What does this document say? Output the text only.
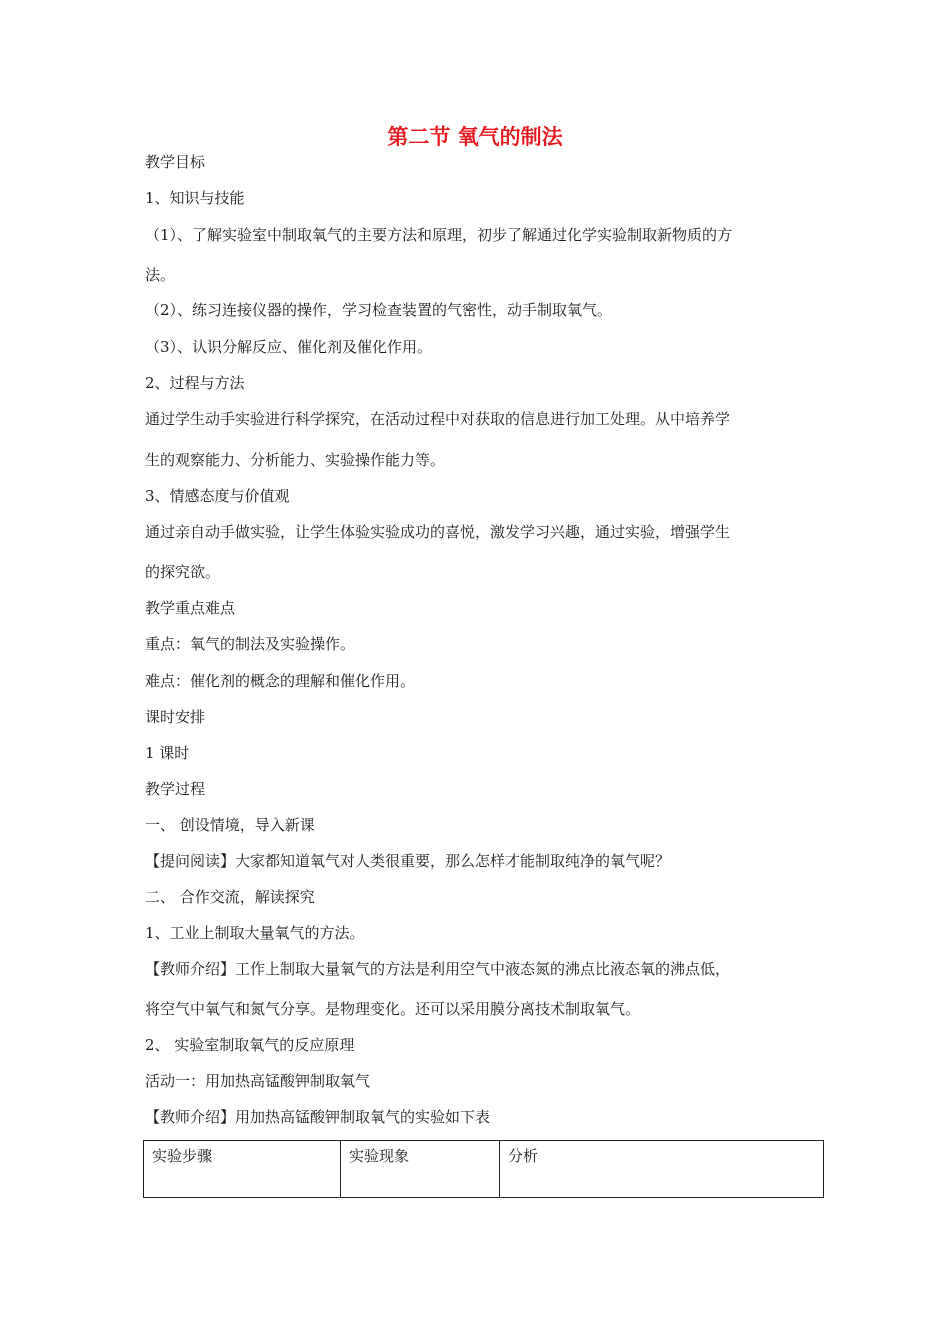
第二节 氧气的制法
教学目标
1、知识与技能
（1）、了解实验室中制取氧气的主要方法和原理，初步了解通过化学实验制取新物质的方
法。
（2）、练习连接仪器的操作，学习检查装置的气密性，动手制取氧气。
（3）、认识分解反应、催化剂及催化作用。
2、过程与方法
通过学生动手实验进行科学探究，在活动过程中对获取的信息进行加工处理。从中培养学
生的观察能力、分析能力、实验操作能力等。
3、情感态度与价值观
通过亲自动手做实验，让学生体验实验成功的喜悦，激发学习兴趣，通过实验，增强学生
的探究欲。
教学重点难点
重点：氧气的制法及实验操作。
难点：催化剂的概念的理解和催化作用。
课时安排
1 课时
教学过程
一、 创设情境，导入新课
【提问阅读】大家都知道氧气对人类很重要，那么怎样才能制取纯净的氧气呢？
二、 合作交流，解读探究
1、工业上制取大量氧气的方法。
【教师介绍】工作上制取大量氧气的方法是利用空气中液态氮的沸点比液态氧的沸点低，
将空气中氧气和氮气分享。是物理变化。还可以采用膜分离技术制取氧气。
2、 实验室制取氧气的反应原理
活动一：用加热高锰酸钾制取氧气
【教师介绍】用加热高锰酸钾制取氧气的实验如下表
实验步骤	实验现象	分析
